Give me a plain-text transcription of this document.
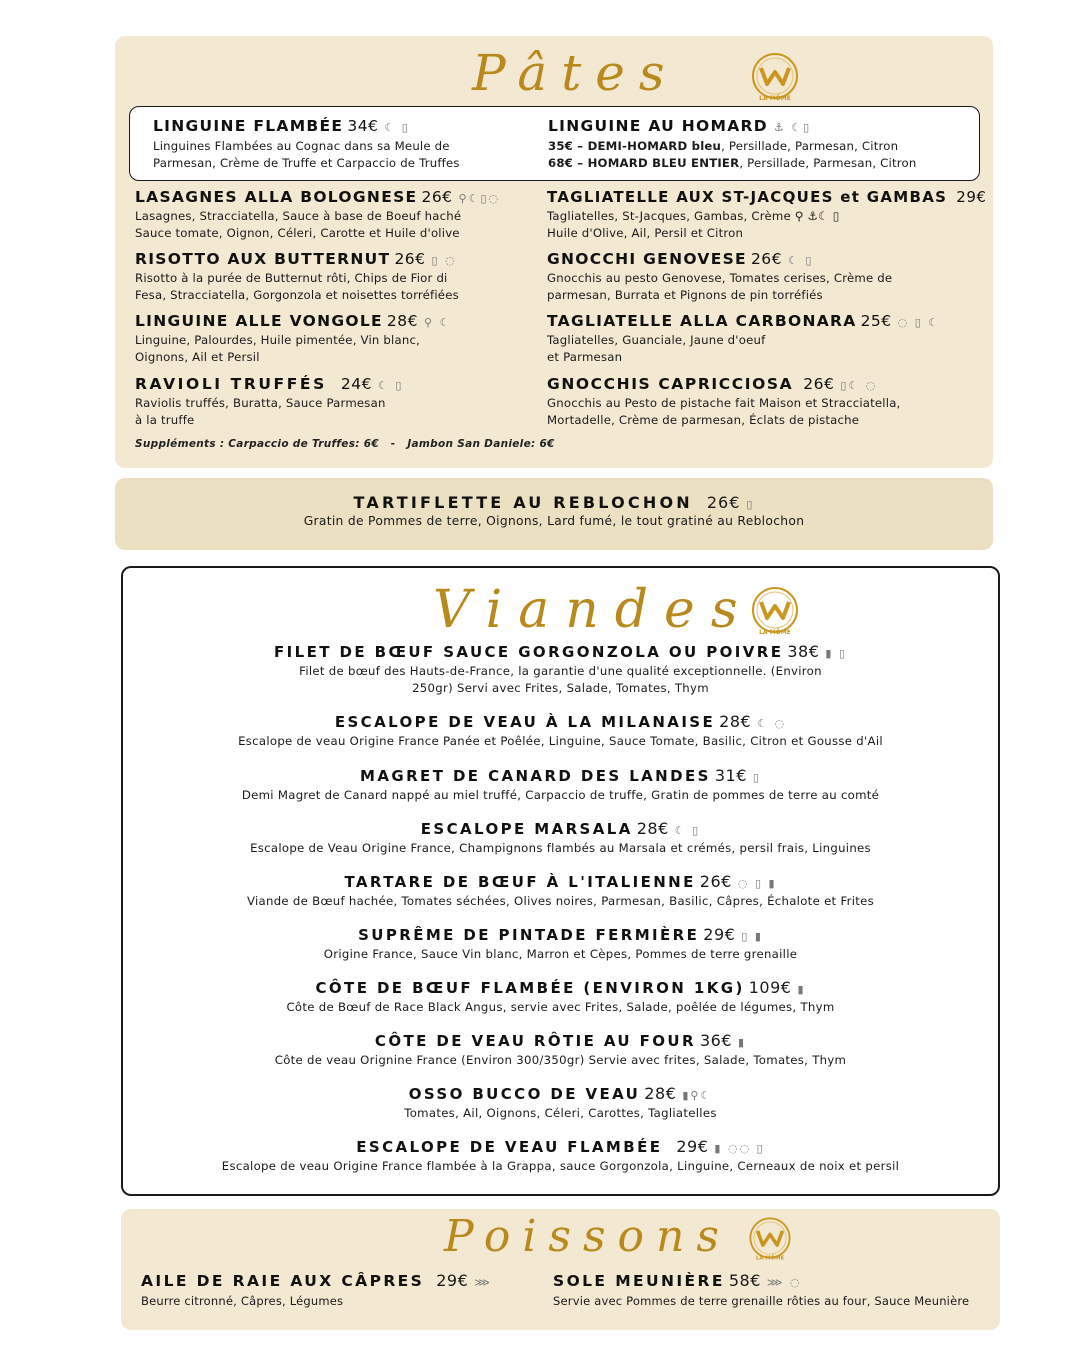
Pâtes	LA MÔME
LINGUINE FLAMBÉE 34€ ☾ ▯
Linguines Flambées au Cognac dans sa Meule de
Parmesan, Crème de Truffe et Carpaccio de Truffes
LINGUINE AU HOMARD ⚓ ☾▯
35€ – DEMI-HOMARD bleu, Persillade, Parmesan, Citron
68€ – HOMARD BLEU ENTIER, Persillade, Parmesan, Citron
LASAGNES ALLA BOLOGNESE 26€ ⚲☾▯◌
Lasagnes, Stracciatella, Sauce à base de Boeuf haché
Sauce tomate, Oignon, Céleri, Carotte et Huile d'olive
RISOTTO AUX BUTTERNUT 26€ ▯ ◌
Risotto à la purée de Butternut rôti, Chips de Fior di
Fesa, Stracciatella, Gorgonzola et noisettes torréfiées
LINGUINE ALLE VONGOLE 28€ ⚲ ☾
Linguine, Palourdes, Huile pimentée, Vin blanc,
Oignons, Ail et Persil
RAVIOLI TRUFFÉS 24€ ☾ ▯
Raviolis truffés, Buratta, Sauce Parmesan
à la truffe
TAGLIATELLE AUX ST-JACQUES et GAMBAS 29€
Tagliatelles, St-Jacques, Gambas, Crème ⚲ ⚓☾ ▯
Huile d'Olive, Ail, Persil et Citron
GNOCCHI GENOVESE 26€ ☾ ▯
Gnocchis au pesto Genovese, Tomates cerises, Crème de
parmesan, Burrata et Pignons de pin torréfiés
TAGLIATELLE ALLA CARBONARA 25€ ◌ ▯ ☾
Tagliatelles, Guanciale, Jaune d'oeuf
et Parmesan
GNOCCHIS CAPRICCIOSA 26€ ▯☾ ◌
Gnocchis au Pesto de pistache fait Maison et Stracciatella,
Mortadelle, Crème de parmesan, Éclats de pistache
Suppléments : Carpaccio de Truffes: 6€   -   Jambon San Daniele: 6€
TARTIFLETTE AU REBLOCHON 26€ ▯
Gratin de Pommes de terre, Oignons, Lard fumé, le tout gratiné au Reblochon
Viandes LA MÔME
FILET DE BŒUF SAUCE GORGONZOLA OU POIVRE 38€ ▮ ▯
Filet de bœuf des Hauts-de-France, la garantie d'une qualité exceptionnelle. (Environ
250gr) Servi avec Frites, Salade, Tomates, Thym
ESCALOPE DE VEAU À LA MILANAISE 28€ ☾ ◌
Escalope de veau Origine France Panée et Poêlée, Linguine, Sauce Tomate, Basilic, Citron et Gousse d'Ail
MAGRET DE CANARD DES LANDES 31€ ▯
Demi Magret de Canard nappé au miel truffé, Carpaccio de truffe, Gratin de pommes de terre au comté
ESCALOPE MARSALA 28€ ☾ ▯
Escalope de Veau Origine France, Champignons flambés au Marsala et crémés, persil frais, Linguines
TARTARE DE BŒUF À L'ITALIENNE 26€ ◌ ▯ ▮
Viande de Bœuf hachée, Tomates séchées, Olives noires, Parmesan, Basilic, Câpres, Échalote et Frites
SUPRÊME DE PINTADE FERMIÈRE 29€ ▯ ▮
Origine France, Sauce Vin blanc, Marron et Cèpes, Pommes de terre grenaille
CÔTE DE BŒUF FLAMBÉE (ENVIRON 1KG) 109€ ▮
Côte de Bœuf de Race Black Angus, servie avec Frites, Salade, poêlée de légumes, Thym
CÔTE DE VEAU RÔTIE AU FOUR 36€ ▮
Côte de veau Orignine France (Environ 300/350gr) Servie avec frites, Salade, Tomates, Thym
OSSO BUCCO DE VEAU 28€ ▮⚲☾
Tomates, Ail, Oignons, Céleri, Carottes, Tagliatelles
ESCALOPE DE VEAU FLAMBÉE 29€ ▮ ◌◌ ▯
Escalope de veau Origine France flambée à la Grappa, sauce Gorgonzola, Linguine, Cerneaux de noix et persil
Poissons	LA MÔME
AILE DE RAIE AUX CÂPRES 29€ ⋙
Beurre citronné, Câpres, Légumes
SOLE MEUNIÈRE 58€ ⋙ ◌
Servie avec Pommes de terre grenaille rôties au four, Sauce Meunière
